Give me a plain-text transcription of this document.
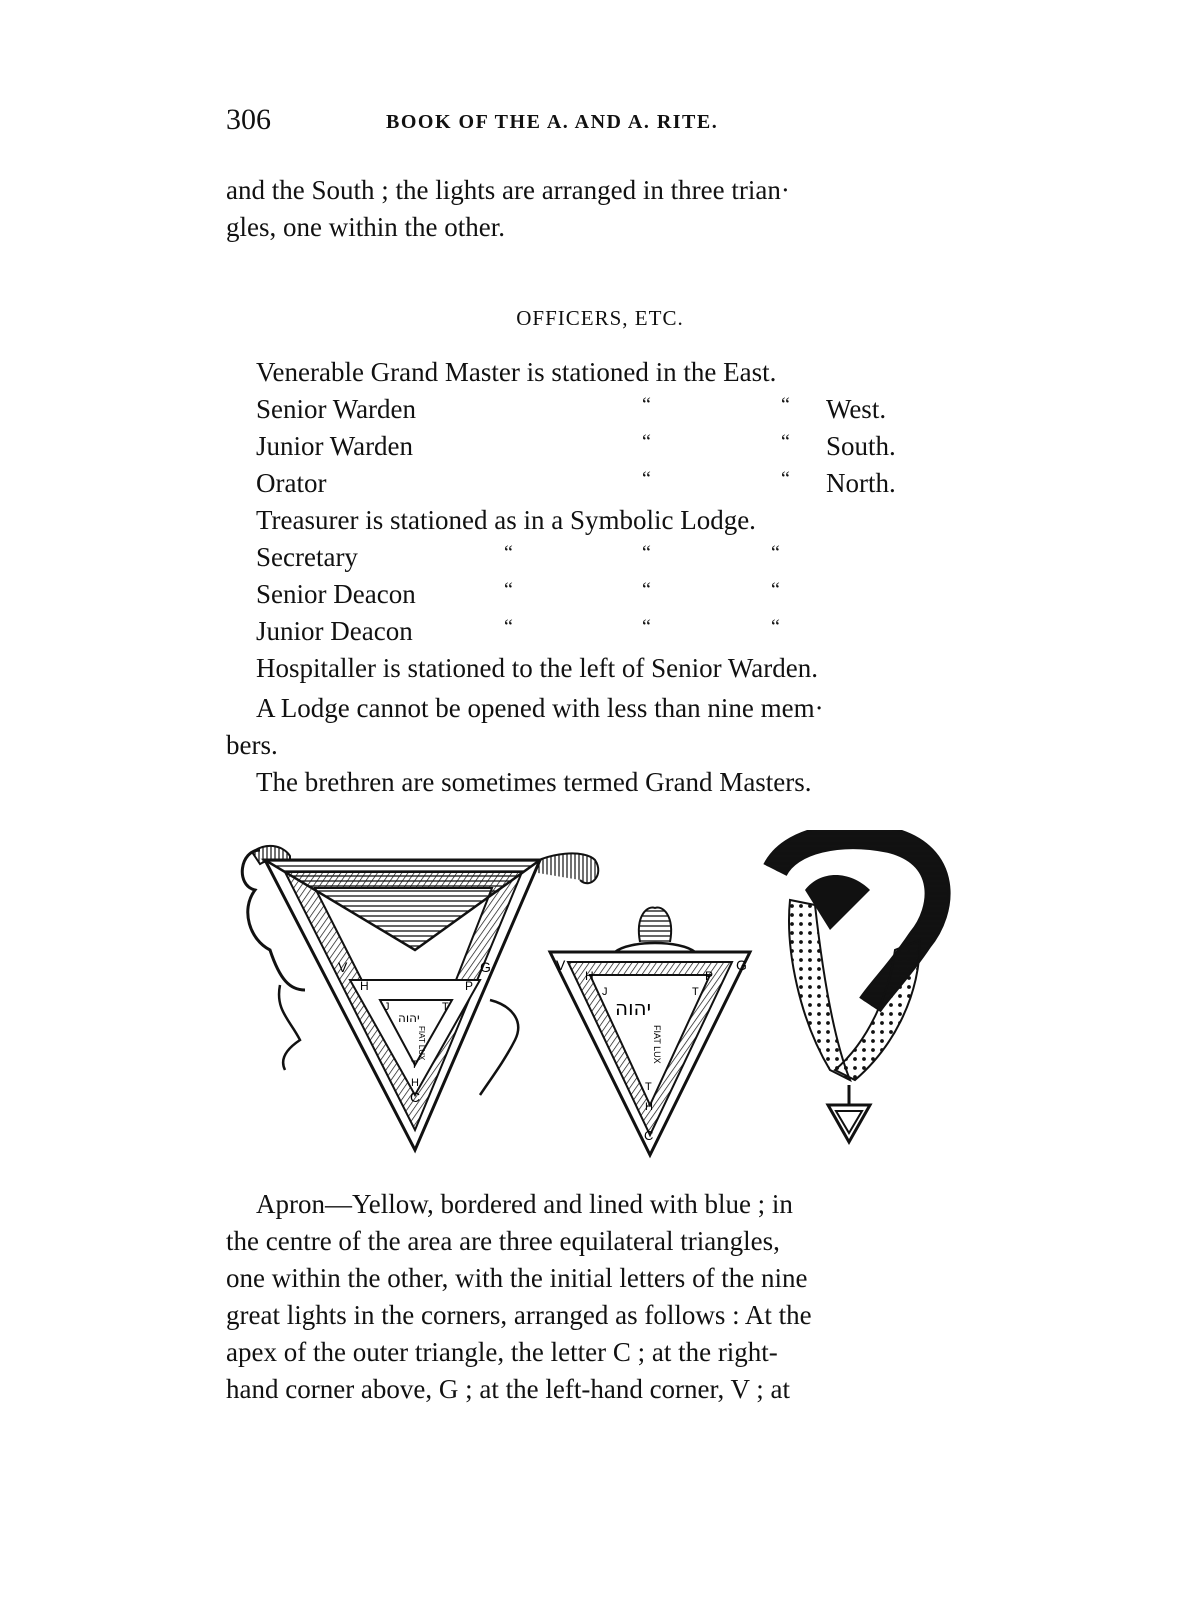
306	BOOK OF THE A. AND A. RITE.

and the South ; the lights are arranged in three trian·
gles, one within the other.

OFFICERS, ETC.
Venerable Grand Master is stationed in the East.
Senior Warden	“	“ West.
Junior Warden	“	“ South.
Orator	“	“ North.
Treasurer is stationed as in a Symbolic Lodge.
Secretary	“	“	“
Senior Deacon	“	“	“
Junior Deacon	“	“	“
Hospitaller is stationed to the left of Senior Warden.
A Lodge cannot be opened with less than nine mem·
bers.
The brethren are sometimes termed Grand Masters.
V	G
C
H	P
J	T
T
H
יהוה
FIAT LUX
V	G
C
H	P
J	T
T
H
יהוה
FIAT LUX

Apron—Yellow, bordered and lined with blue ; in
the centre of the area are three equilateral triangles,
one within the other, with the initial letters of the nine
great lights in the corners, arranged as follows : At the
apex of the outer triangle, the letter C ; at the right-
hand corner above, G ; at the left-hand corner, V ; at
